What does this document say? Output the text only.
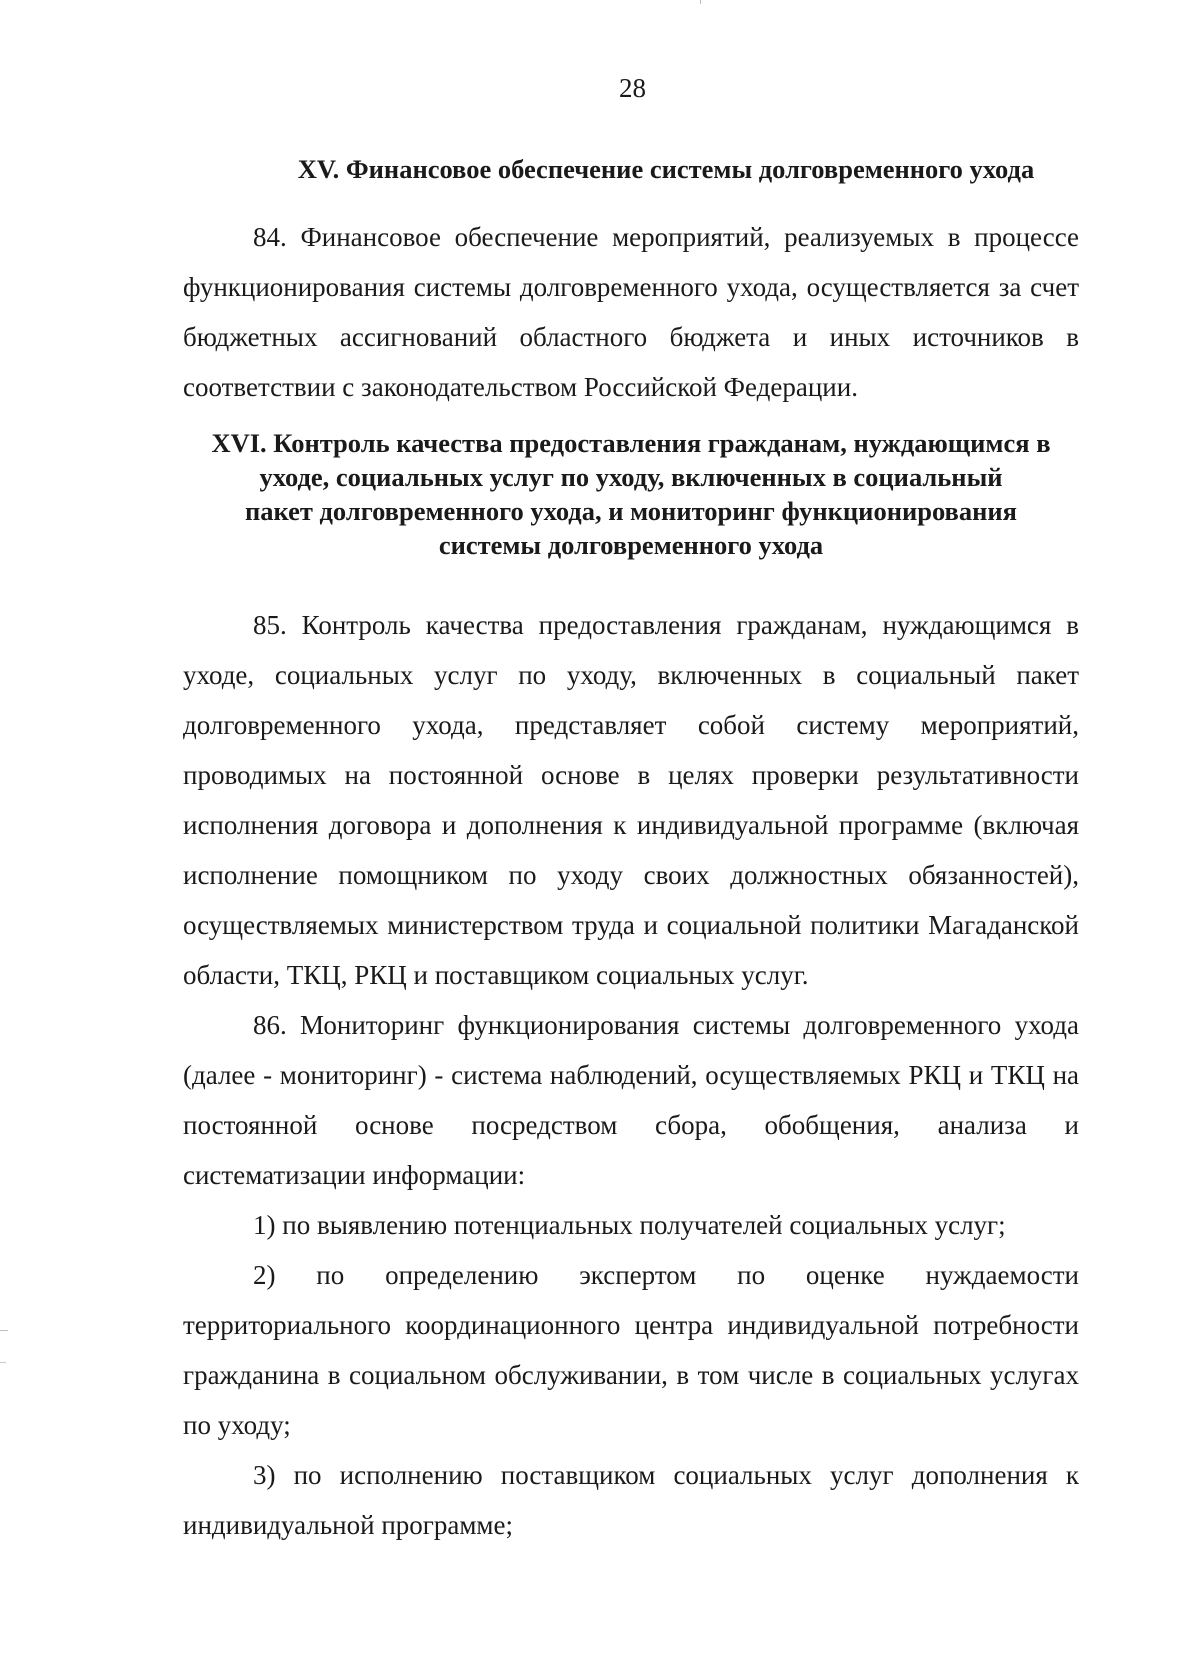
28
XV. Финансовое обеспечение системы долговременного ухода

84. Финансовое обеспечение мероприятий, реализуемых в процессе функционирования системы долговременного ухода, осуществляется за счет бюджетных ассигнований областного бюджета и иных источников в соответствии с законодательством Российской Федерации.

XVI. Контроль качества предоставления гражданам, нуждающимся в
уходе, социальных услуг по уходу, включенных в социальный
пакет долговременного ухода, и мониторинг функционирования
системы долговременного ухода

85. Контроль качества предоставления гражданам, нуждающимся в уходе, социальных услуг по уходу, включенных в социальный пакет долговременного ухода, представляет собой систему мероприятий, проводимых на постоянной основе в целях проверки результативности исполнения договора и дополнения к индивидуальной программе (включая исполнение помощником по уходу своих должностных обязанностей), осуществляемых министерством труда и социальной политики Магаданской области, ТКЦ, РКЦ и поставщиком социальных услуг.

86. Мониторинг функционирования системы долговременного ухода (далее - мониторинг) - система наблюдений, осуществляемых РКЦ и ТКЦ на постоянной основе посредством сбора, обобщения, анализа и систематизации информации:

1) по выявлению потенциальных получателей социальных услуг;

2) по определению экспертом по оценке нуждаемости территориального координационного центра индивидуальной потребности гражданина в социальном обслуживании, в том числе в социальных услугах по уходу;

3) по исполнению поставщиком социальных услуг дополнения к индивидуальной программе;
